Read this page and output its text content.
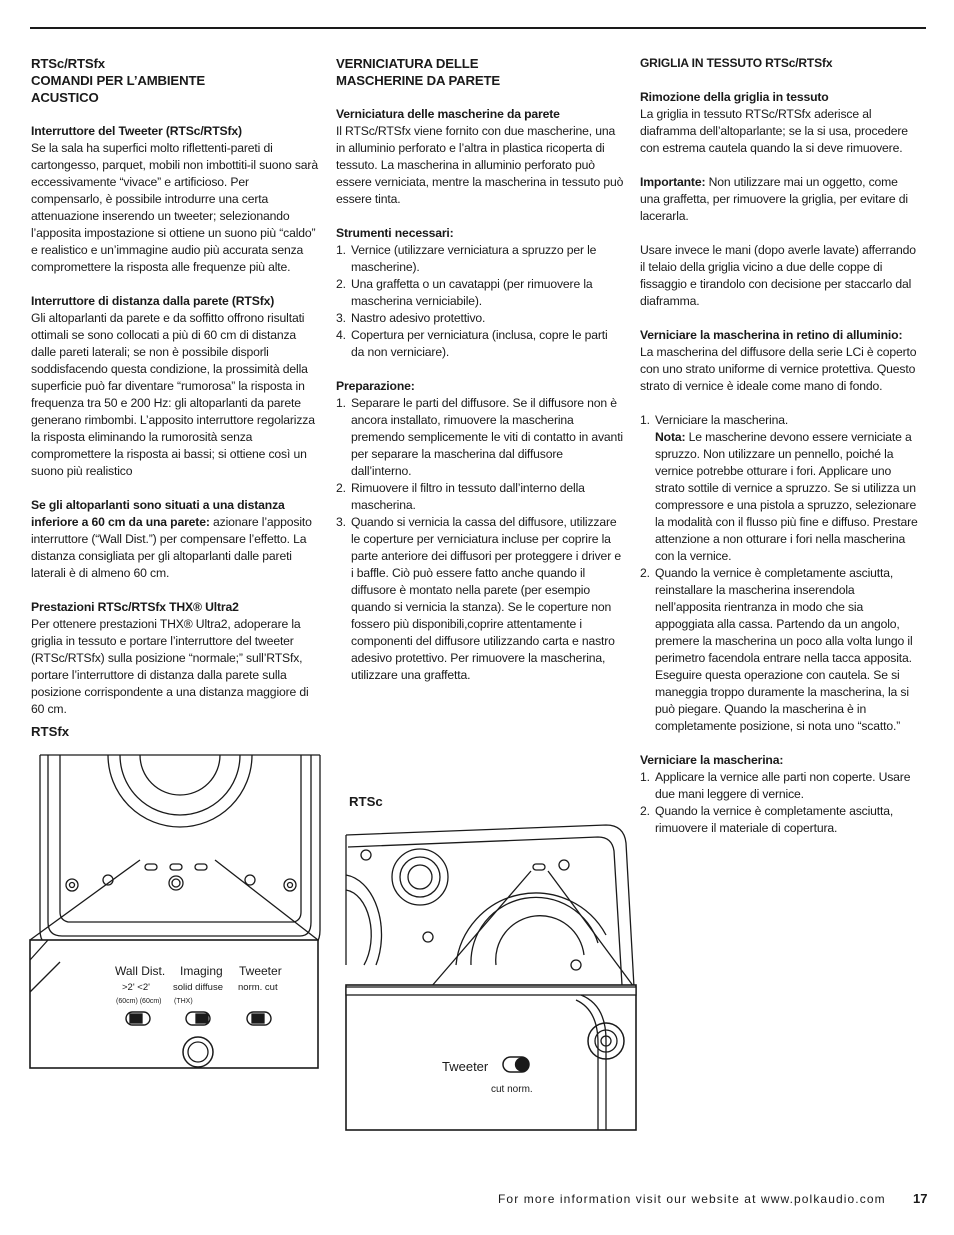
RTSc/RTSfx
COMANDI PER L’AMBIENTE
ACUSTICO

Interruttore del Tweeter (RTSc/RTSfx)

Se la sala ha superfici molto riflettenti-pareti di cartongesso, parquet, mobili non imbottiti-il suono sarà eccessivamente “vivace” e artificioso. Per compensarlo, è possibile introdurre una certa attenuazione inserendo un tweeter; selezionando l’apposita impostazione si ottiene un suono più “caldo” e realistico e un’immagine audio più accurata senza compromettere la risposta alle frequenze più alte.

Interruttore di distanza dalla parete (RTSfx)

Gli altoparlanti da parete e da soffitto offrono risultati ottimali se sono collocati a più di 60 cm di distanza dalle pareti laterali; se non è possibile disporli soddisfacendo questa condizione, la prossimità della superficie può far diventare “rumorosa” la risposta in frequenza tra 50 e 200 Hz: gli altoparlanti da parete generano rimbombi. L’apposito interruttore regolarizza la risposta eliminando la rumorosità senza compromettere la risposta ai bassi; si ottiene così un suono più realistico

Se gli altoparlanti sono situati a una distanza inferiore a 60 cm da una parete: azionare l’apposito interruttore (“Wall Dist.”) per compensare l’effetto. La distanza consigliata per gli altoparlanti dalle pareti laterali è di almeno 60 cm.

Prestazioni RTSc/RTSfx THX® Ultra2

Per ottenere prestazioni THX® Ultra2, adoperare la griglia in tessuto e portare l’interruttore del tweeter (RTSc/RTSfx) sulla posizione “normale;” sull’RTSfx, portare l’interruttore di distanza dalla parete sulla posizione corrispondente a una distanza maggiore di 60 cm.

VERNICIATURA DELLE
MASCHERINE DA PARETE

Verniciatura delle mascherine da parete

Il RTSc/RTSfx viene fornito con due mascherine, una in alluminio perforato e l’altra in plastica ricoperta di tessuto. La mascherina in alluminio perforato può essere verniciata, mentre la mascherina in tessuto può essere tinta.

Strumenti necessari:

1. Vernice (utilizzare verniciatura a spruzzo per le mascherine).
2. Una graffetta o un cavatappi (per rimuovere la mascherina verniciabile).
3. Nastro adesivo protettivo.
4. Copertura per verniciatura (inclusa, copre le parti da non verniciare).

Preparazione:

1. Separare le parti del diffusore. Se il diffusore non è ancora installato, rimuovere la mascherina premendo semplicemente le viti di contatto in avanti per separare la mascherina dal diffusore dall’interno.
2. Rimuovere il filtro in tessuto dall’interno della mascherina.
3. Quando si vernicia la cassa del diffusore, utilizzare le coperture per verniciatura incluse per coprire la parte anteriore dei diffusori per proteggere i driver e i baffle. Ciò può essere fatto anche quando il diffusore è montato nella parete (per esempio quando si vernicia la stanza). Se le coperture non fossero più disponibili,coprire attentamente i componenti del diffusore utilizzando carta e nastro adesivo protettivo. Per rimuovere la mascherina, utilizzare una graffetta.

GRIGLIA IN TESSUTO RTSc/RTSfx

Rimozione della griglia in tessuto

La griglia in tessuto RTSc/RTSfx aderisce al diaframma dell’altoparlante; se la si usa, procedere con estrema cautela quando la si deve rimuovere.

Importante: Non utilizzare mai un oggetto, come una graffetta, per rimuovere la griglia, per evitare di lacerarla.

Usare invece le mani (dopo averle lavate) afferrando il telaio della griglia vicino a due delle coppe di fissaggio e tirandolo con decisione per staccarlo dal diaframma.

Verniciare la mascherina in retino di alluminio:

La mascherina del diffusore della serie LCi è coperto con uno strato uniforme di vernice protettiva. Questo strato di vernice è ideale come mano di fondo.

1. Verniciare la mascherina.
Nota: Le mascherine devono essere verniciate a spruzzo. Non utilizzare un pennello, poiché la vernice potrebbe otturare i fori. Applicare uno strato sottile di vernice a spruzzo. Se si utilizza un compressore e una pistola a spruzzo, selezionare la modalità con il flusso più fine e diffuso. Prestare attenzione a non otturare i fori nella mascherina con la vernice.
2. Quando la vernice è completamente asciutta, reinstallare la mascherina inserendola nell’apposita rientranza in modo che sia appoggiata alla cassa. Partendo da un angolo, premere la mascherina un poco alla volta lungo il perimetro facendola entrare nella tacca apposita. Eseguire questa operazione con cautela. Se si maneggia troppo duramente la mascherina, la si può piegare. Quando la mascherina è in completamente posizione, si nota uno “scatto.”

Verniciare la mascherina:

1. Applicare la vernice alle parti non coperte. Usare due mani leggere di vernice.
2. Quando la vernice è completamente asciutta, rimuovere il materiale di copertura.
RTSfx
RTSc
Wall Dist.
>2' <2'
(60cm) (60cm)
Imaging
solid diffuse
(THX)
Tweeter
norm. cut
Tweeter
cut norm.
For more information visit our website at www.polkaudio.com 17
